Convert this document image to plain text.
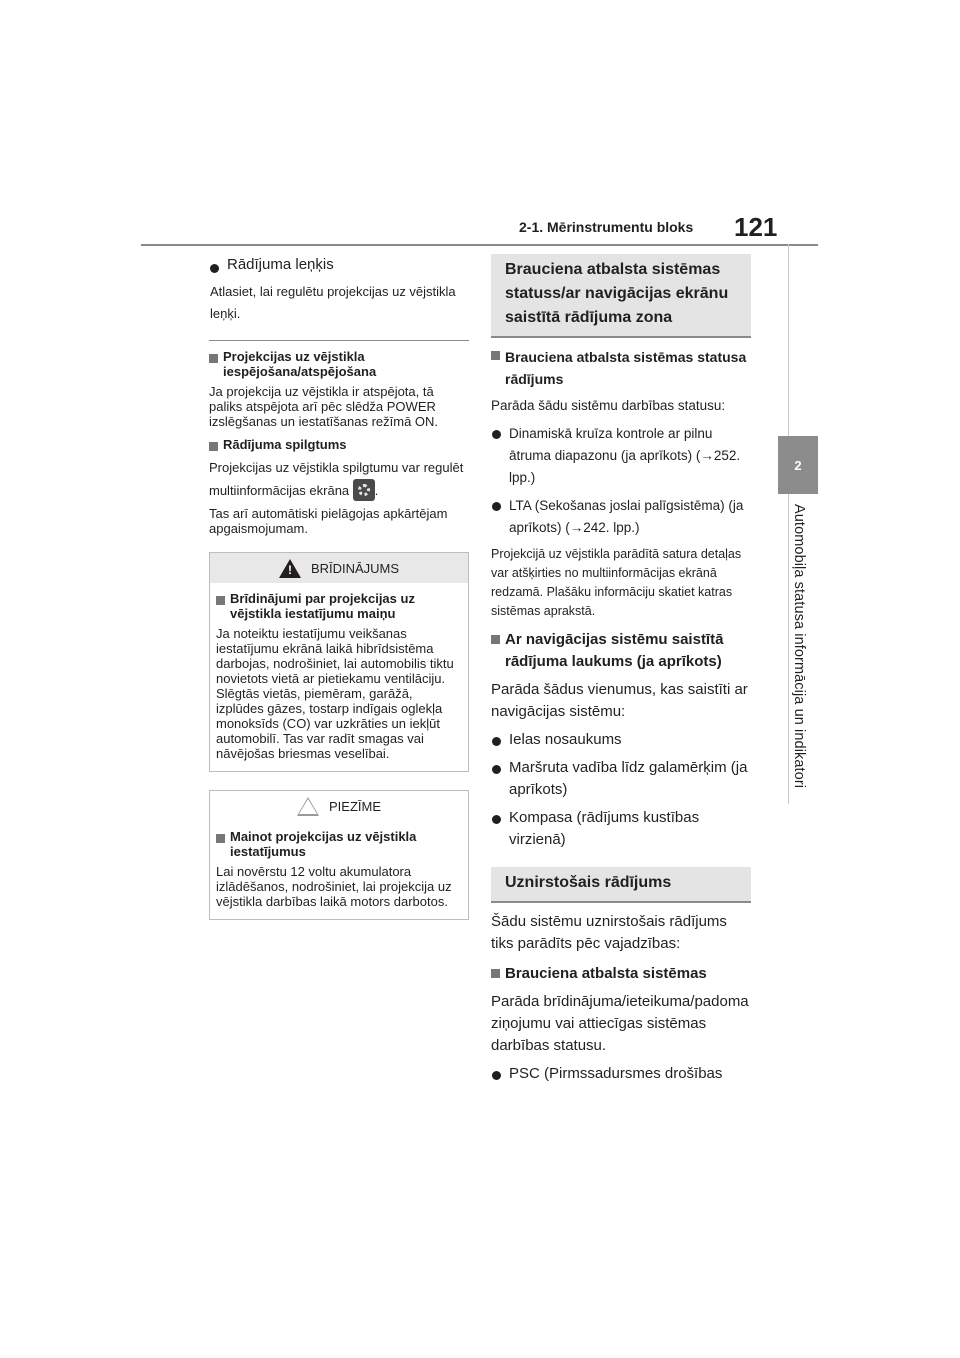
2-1. Mērinstrumentu bloks 121
2
Automobiļa statusa informācija un indikatori
Rādījuma leņķis
Atlasiet, lai regulētu projekcijas uz vējstikla leņķi.
Projekcijas uz vējstikla iespējošana/atspējošana
Ja projekcija uz vējstikla ir atspējota, tā paliks atspējota arī pēc slēdža POWER izslēgšanas un iestatīšanas režīmā ON.
Rādījuma spilgtums
Projekcijas uz vējstikla spilgtumu var regulēt multiinformācijas ekrāna .
Tas arī automātiski pielāgojas apkārtējam apgaismojumam.
!
BRĪDINĀJUMS
Brīdinājumi par projekcijas uz vējstikla iestatījumu maiņu
Ja noteiktu iestatījumu veikšanas iestatījumu ekrānā laikā hibrīdsistēma darbojas, nodrošiniet, lai automobilis tiktu novietots vietā ar pietiekamu ventilāciju. Slēgtās vietās, piemēram, garāžā, izplūdes gāzes, tostarp indīgais oglekļa monoksīds (CO) var uzkrāties un iekļūt automobilī. Tas var radīt smagas vai nāvējošas briesmas veselībai.
PIEZĪME
Mainot projekcijas uz vējstikla iestatījumus
Lai novērstu 12 voltu akumulatora izlādēšanos, nodrošiniet, lai projekcija uz vējstikla darbības laikā motors darbotos.
Brauciena atbalsta sistēmas statuss/ar navigācijas ekrānu saistītā rādījuma zona
Brauciena atbalsta sistēmas statusa rādījums
Parāda šādu sistēmu darbības statusu:
Dinamiskā kruīza kontrole ar pilnu ātruma diapazonu (ja aprīkots) (→252. lpp.)
LTA (Sekošanas joslai palīgsistēma) (ja aprīkots) (→242. lpp.)
Projekcijā uz vējstikla parādītā satura detaļas var atšķirties no multiinformācijas ekrānā redzamā. Plašāku informāciju skatiet katras sistēmas aprakstā.
Ar navigācijas sistēmu saistītā rādījuma laukums (ja aprīkots)
Parāda šādus vienumus, kas saistīti ar navigācijas sistēmu:
Ielas nosaukums
Maršruta vadība līdz galamērķim (ja aprīkots)
Kompasa (rādījums kustības virzienā)
Uznirstošais rādījums
Šādu sistēmu uznirstošais rādījums tiks parādīts pēc vajadzības:
Brauciena atbalsta sistēmas
Parāda brīdinājuma/ieteikuma/padoma ziņojumu vai attiecīgas sistēmas darbības statusu.
PSC (Pirmssadursmes drošības
